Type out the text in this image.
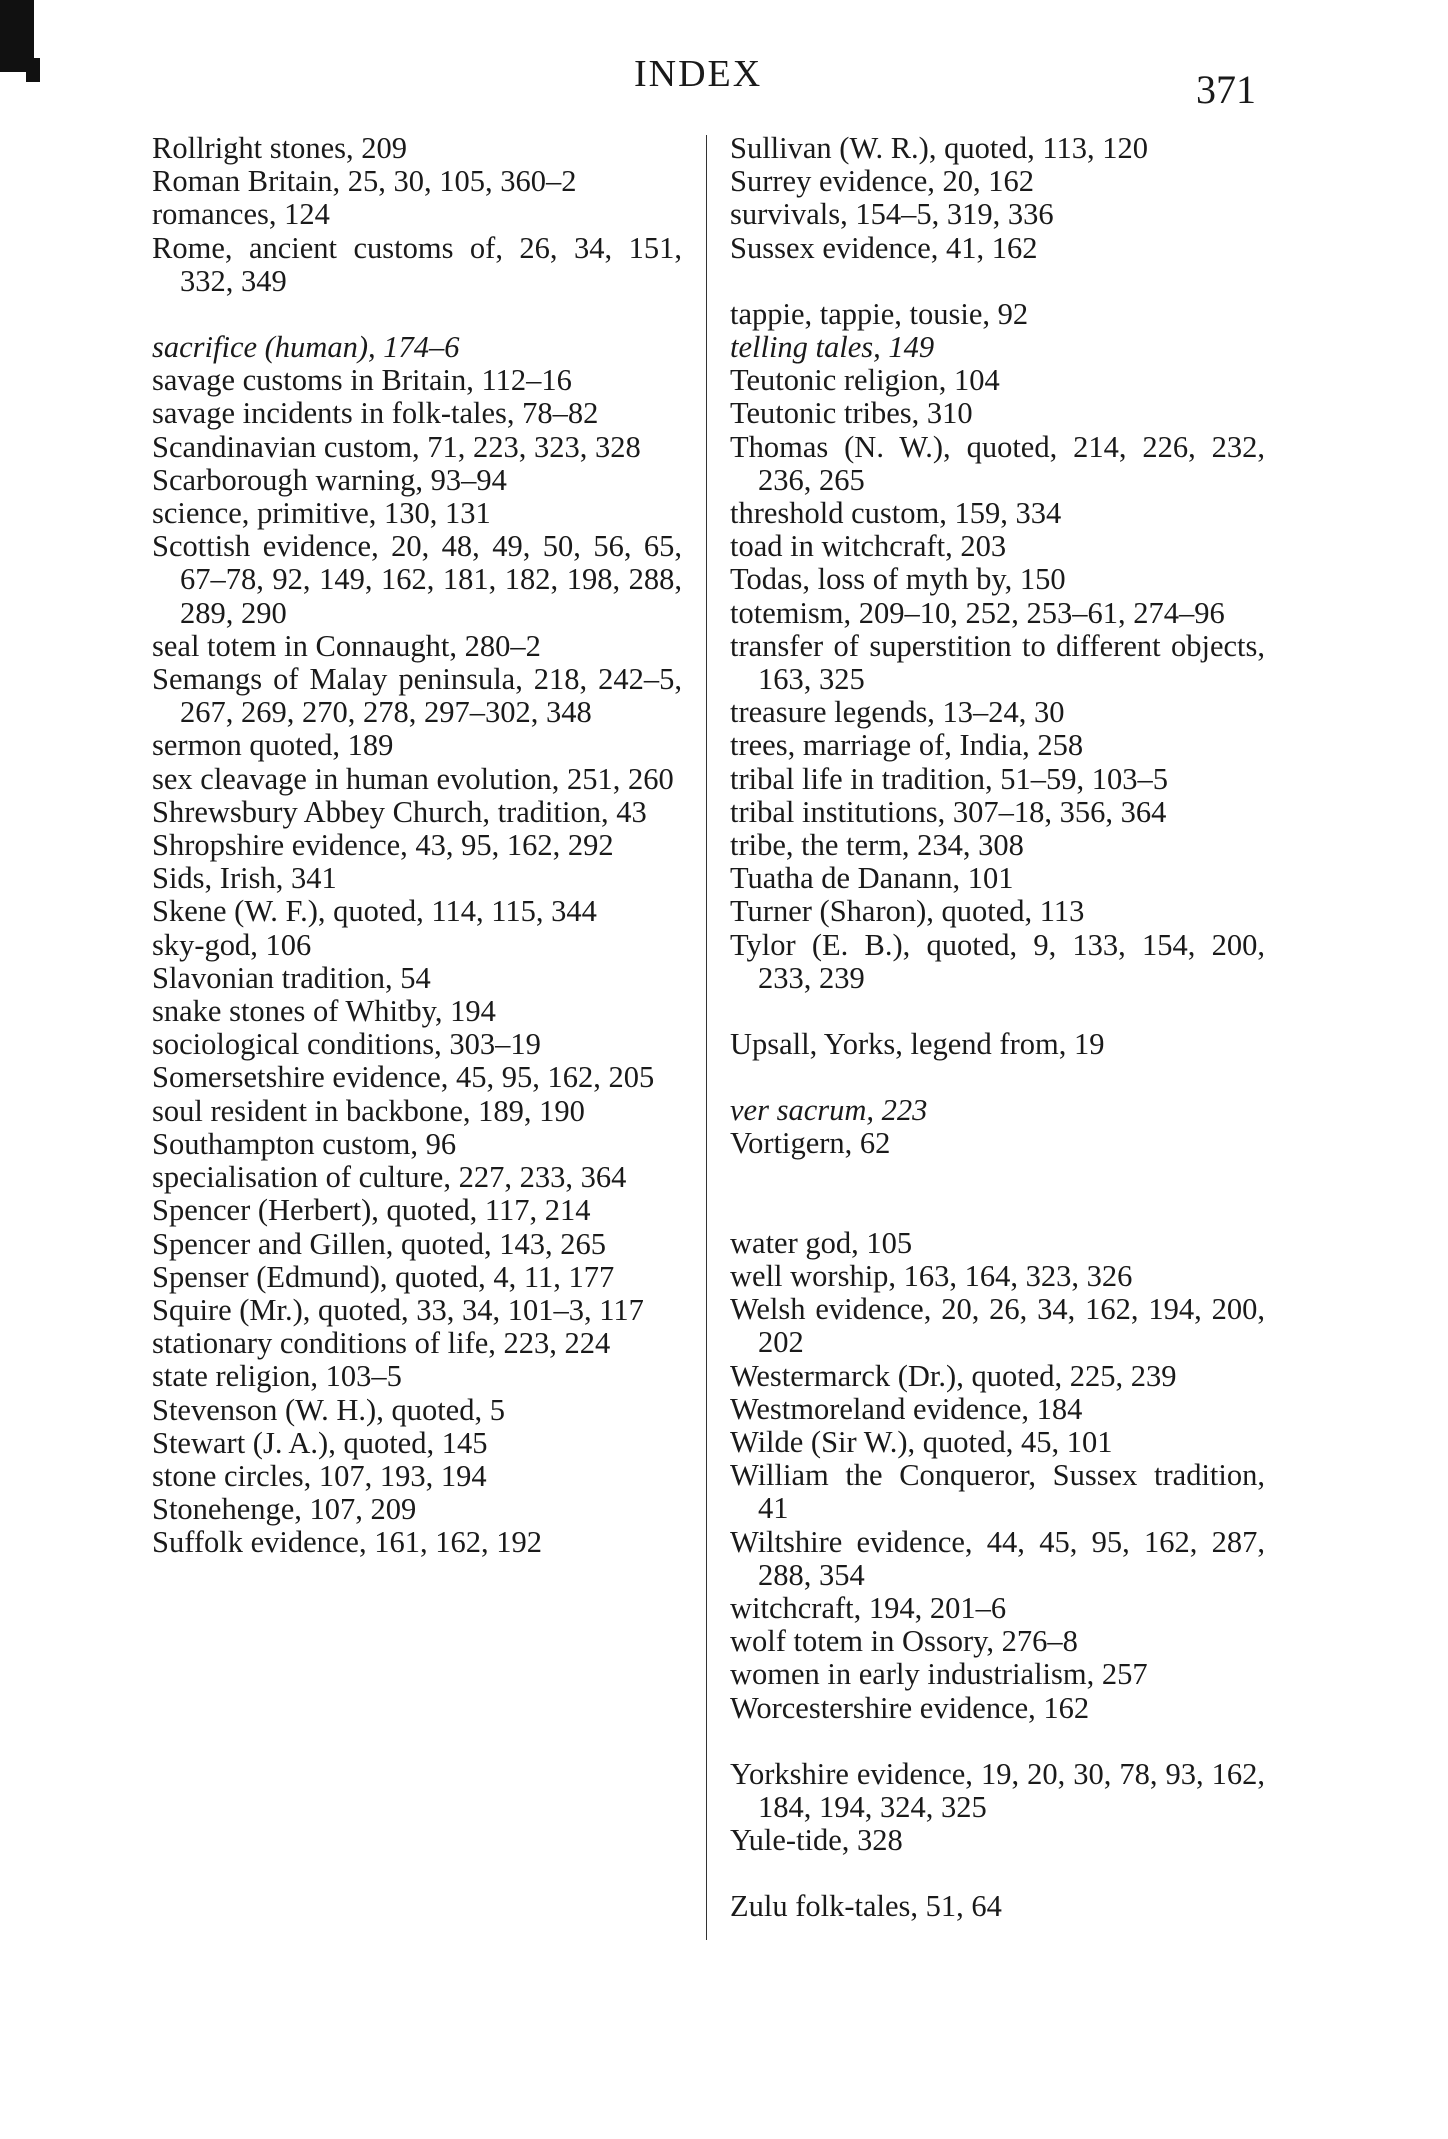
INDEX	371
Rollright stones, 209
Roman Britain, 25, 30, 105, 360–2
romances, 124
Rome, ancient customs of, 26, 34, 151, 332, 349
sacrifice (human), 174–6
savage customs in Britain, 112–16
savage incidents in folk-tales, 78–82
Scandinavian custom, 71, 223, 323, 328
Scarborough warning, 93–94
science, primitive, 130, 131
Scottish evidence, 20, 48, 49, 50, 56, 65, 67–78, 92, 149, 162, 181, 182, 198, 288, 289, 290
seal totem in Connaught, 280–2
Semangs of Malay peninsula, 218, 242–5, 267, 269, 270, 278, 297–302, 348
sermon quoted, 189
sex cleavage in human evolution, 251, 260
Shrewsbury Abbey Church, tradition, 43
Shropshire evidence, 43, 95, 162, 292
Sids, Irish, 341
Skene (W. F.), quoted, 114, 115, 344
sky-god, 106
Slavonian tradition, 54
snake stones of Whitby, 194
sociological conditions, 303–19
Somersetshire evidence, 45, 95, 162, 205
soul resident in backbone, 189, 190
Southampton custom, 96
specialisation of culture, 227, 233, 364
Spencer (Herbert), quoted, 117, 214
Spencer and Gillen, quoted, 143, 265
Spenser (Edmund), quoted, 4, 11, 177
Squire (Mr.), quoted, 33, 34, 101–3, 117
stationary conditions of life, 223, 224
state religion, 103–5
Stevenson (W. H.), quoted, 5
Stewart (J. A.), quoted, 145
stone circles, 107, 193, 194
Stonehenge, 107, 209
Suffolk evidence, 161, 162, 192
Sullivan (W. R.), quoted, 113, 120
Surrey evidence, 20, 162
survivals, 154–5, 319, 336
Sussex evidence, 41, 162
tappie, tappie, tousie, 92
telling tales, 149
Teutonic religion, 104
Teutonic tribes, 310
Thomas (N. W.), quoted, 214, 226, 232, 236, 265
threshold custom, 159, 334
toad in witchcraft, 203
Todas, loss of myth by, 150
totemism, 209–10, 252, 253–61, 274–96
transfer of superstition to different objects, 163, 325
treasure legends, 13–24, 30
trees, marriage of, India, 258
tribal life in tradition, 51–59, 103–5
tribal institutions, 307–18, 356, 364
tribe, the term, 234, 308
Tuatha de Danann, 101
Turner (Sharon), quoted, 113
Tylor (E. B.), quoted, 9, 133, 154, 200, 233, 239
Upsall, Yorks, legend from, 19
ver sacrum, 223
Vortigern, 62
water god, 105
well worship, 163, 164, 323, 326
Welsh evidence, 20, 26, 34, 162, 194, 200, 202
Westermarck (Dr.), quoted, 225, 239
Westmoreland evidence, 184
Wilde (Sir W.), quoted, 45, 101
William the Conqueror, Sussex tradition, 41
Wiltshire evidence, 44, 45, 95, 162, 287, 288, 354
witchcraft, 194, 201–6
wolf totem in Ossory, 276–8
women in early industrialism, 257
Worcestershire evidence, 162
Yorkshire evidence, 19, 20, 30, 78, 93, 162, 184, 194, 324, 325
Yule-tide, 328
Zulu folk-tales, 51, 64
